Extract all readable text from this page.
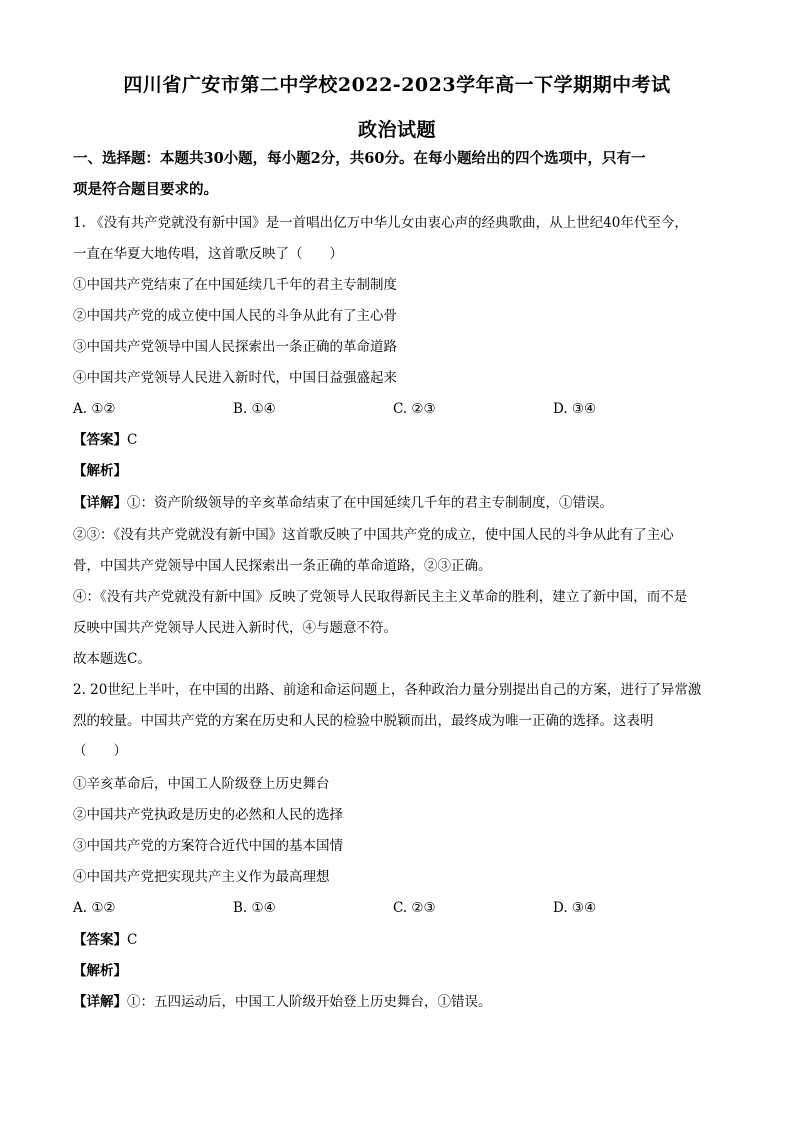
四川省广安市第二中学校2022-2023学年高一下学期期中考试
政治试题
一、选择题：本题共30小题，每小题2分，共60分。在每小题给出的四个选项中，只有一
项是符合题目要求的。
1. 《没有共产党就没有新中国》是一首唱出亿万中华儿女由衷心声的经典歌曲，从上世纪40年代至今，
一直在华夏大地传唱，这首歌反映了（　　）
①中国共产党结束了在中国延续几千年的君主专制制度
②中国共产党的成立使中国人民的斗争从此有了主心骨
③中国共产党领导中国人民探索出一条正确的革命道路
④中国共产党领导人民进入新时代，中国日益强盛起来
A. ①②	B. ①④	C. ②③	D. ③④
【答案】C
【解析】
【详解】①：资产阶级领导的辛亥革命结束了在中国延续几千年的君主专制制度，①错误。
②③：《没有共产党就没有新中国》这首歌反映了中国共产党的成立，使中国人民的斗争从此有了主心
骨，中国共产党领导中国人民探索出一条正确的革命道路，②③正确。
④：《没有共产党就没有新中国》反映了党领导人民取得新民主主义革命的胜利，建立了新中国，而不是
反映中国共产党领导人民进入新时代，④与题意不符。
故本题选C。
2. 20世纪上半叶，在中国的出路、前途和命运问题上，各种政治力量分别提出自己的方案，进行了异常激
烈的较量。中国共产党的方案在历史和人民的检验中脱颖而出，最终成为唯一正确的选择。这表明
（　　）
①辛亥革命后，中国工人阶级登上历史舞台
②中国共产党执政是历史的必然和人民的选择
③中国共产党的方案符合近代中国的基本国情
④中国共产党把实现共产主义作为最高理想
A. ①②	B. ①④	C. ②③	D. ③④
【答案】C
【解析】
【详解】①：五四运动后，中国工人阶级开始登上历史舞台，①错误。
